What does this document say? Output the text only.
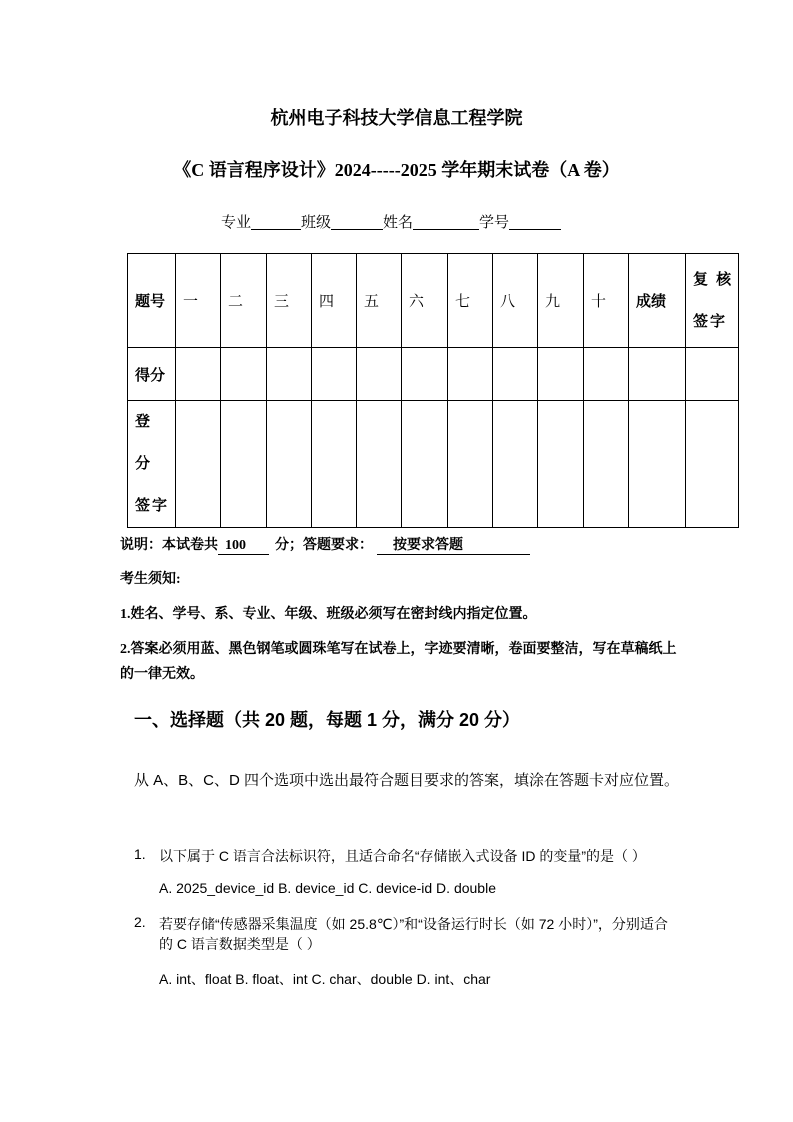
杭州电子科技大学信息工程学院
《C 语言程序设计》2024-----2025 学年期末试卷（A 卷）
专业	班级	姓名	学号
题号	一	二	三	四	五	六	七	八	九	十	成绩	复 核
签字

得分												

登 分
签字												

说明：本试卷共 100 分；答题要求： 按要求答题
考生须知:
1.姓名、学号、系、专业、年级、班级必须写在密封线内指定位置。
2.答案必须用蓝、黑色钢笔或圆珠笔写在试卷上，字迹要清晰，卷面要整洁，写在草稿纸上的一律无效。
一、选择题（共 20 题，每题 1 分，满分 20 分）
从 A、B、C、D 四个选项中选出最符合题目要求的答案，填涂在答题卡对应位置。
1. 以下属于 C 语言合法标识符，且适合命名“存储嵌入式设备 ID 的变量”的是（ ）
A. 2025_device_id B. device_id C. device-id D. double
2. 若要存储“传感器采集温度（如 25.8℃）”和“设备运行时长（如 72 小时）”，分别适合的 C 语言数据类型是（ ）
A. int、float B. float、int C. char、double D. int、char
